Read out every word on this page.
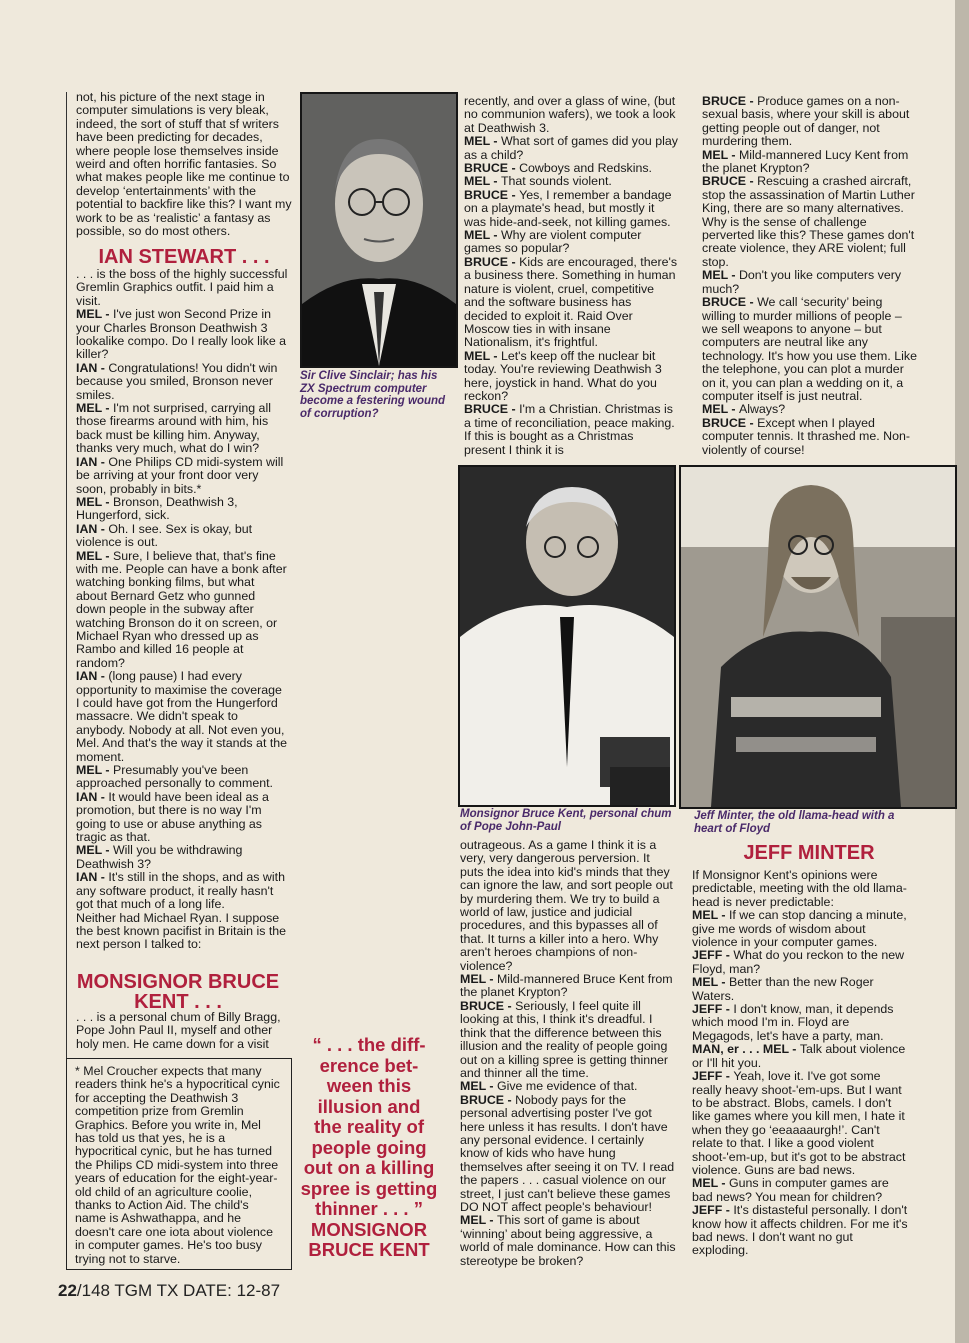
not, his picture of the next stage in computer simulations is very bleak, indeed, the sort of stuff that sf writers have been predicting for decades, where people lose themselves inside weird and often horrific fantasies. So what makes people like me continue to develop ‘entertainments’ with the potential to backfire like this? I want my work to be as ‘realistic’ a fantasy as possible, so do most others.

IAN STEWART . . .

. . . is the boss of the highly successful Gremlin Graphics outfit. I paid him a visit.

MEL - I've just won Second Prize in your Charles Bronson Deathwish 3 lookalike compo. Do I really look like a killer?

IAN - Congratulations! You didn't win because you smiled, Bronson never smiles.

MEL - I'm not surprised, carrying all those firearms around with him, his back must be killing him. Anyway, thanks very much, what do I win?

IAN - One Philips CD midi-system will be arriving at your front door very soon, probably in bits.*

MEL - Bronson, Deathwish 3, Hungerford, sick.

IAN - Oh. I see. Sex is okay, but violence is out.

MEL - Sure, I believe that, that's fine with me. People can have a bonk after watching bonking films, but what about Bernard Getz who gunned down people in the subway after watching Bronson do it on screen, or Michael Ryan who dressed up as Rambo and killed 16 people at random?

IAN - (long pause) I had every opportunity to maximise the coverage I could have got from the Hungerford massacre. We didn't speak to anybody. Nobody at all. Not even you, Mel. And that's the way it stands at the moment.

MEL - Presumably you've been approached personally to comment.

IAN - It would have been ideal as a promotion, but there is no way I'm going to use or abuse anything as tragic as that.

MEL - Will you be withdrawing Deathwish 3?

IAN - It's still in the shops, and as with any software product, it really hasn't got that much of a long life.

Neither had Michael Ryan. I suppose the best known pacifist in Britain is the next person I talked to:

MONSIGNOR BRUCE
KENT . . .

. . . is a personal chum of Billy Bragg, Pope John Paul II, myself and other holy men. He came down for a visit

* Mel Croucher expects that many readers think he's a hypocritical cynic for accepting the Deathwish 3 competition prize from Gremlin Graphics. Before you write in, Mel has told us that yes, he is a hypocritical cynic, but he has turned the Philips CD midi-system into three years of education for the eight-year-old child of an agriculture coolie, thanks to Action Aid. The child's name is Ashwathappa, and he doesn't care one iota about violence in computer games. He's too busy trying not to starve.
Sir Clive Sinclair; has his ZX Spectrum computer become a festering wound of corruption?
“ . . . the diff-
erence bet-
ween this
illusion and
the reality of
people going
out on a killing
spree is getting
thinner . . . ”
MONSIGNOR
BRUCE KENT

recently, and over a glass of wine, (but no communion wafers), we took a look at Deathwish 3.

MEL - What sort of games did you play as a child?

BRUCE - Cowboys and Redskins.

MEL - That sounds violent.

BRUCE - Yes, I remember a bandage on a playmate's head, but mostly it was hide-and-seek, not killing games.

MEL - Why are violent computer games so popular?

BRUCE - Kids are encouraged, there's a business there. Something in human nature is violent, cruel, competitive and the software business has decided to exploit it. Raid Over Moscow ties in with insane Nationalism, it's frightful.

MEL - Let's keep off the nuclear bit today. You're reviewing Deathwish 3 here, joystick in hand. What do you reckon?

BRUCE - I'm a Christian. Christmas is a time of reconciliation, peace making. If this is bought as a Christmas present I think it is

Monsignor Bruce Kent, personal chum of Pope John-Paul

outrageous. As a game I think it is a very, very dangerous perversion. It puts the idea into kid's minds that they can ignore the law, and sort people out by murdering them. We try to build a world of law, justice and judicial procedures, and this bypasses all of that. It turns a killer into a hero. Why aren't heroes champions of non-violence?

MEL - Mild-mannered Bruce Kent from the planet Krypton?

BRUCE - Seriously, I feel quite ill looking at this, I think it's dreadful. I think that the difference between this illusion and the reality of people going out on a killing spree is getting thinner and thinner all the time.

MEL - Give me evidence of that.

BRUCE - Nobody pays for the personal advertising poster I've got here unless it has results. I don't have any personal evidence. I certainly know of kids who have hung themselves after seeing it on TV. I read the papers . . . casual violence on our street, I just can't believe these games DO NOT affect people's behaviour!

MEL - This sort of game is about ‘winning’ about being aggressive, a world of male dominance. How can this stereotype be broken?

BRUCE - Produce games on a non-sexual basis, where your skill is about getting people out of danger, not murdering them.

MEL - Mild-mannered Lucy Kent from the planet Krypton?

BRUCE - Rescuing a crashed aircraft, stop the assassination of Martin Luther King, there are so many alternatives. Why is the sense of challenge perverted like this? These games don't create violence, they ARE violent; full stop.

MEL - Don't you like computers very much?

BRUCE - We call ‘security’ being willing to murder millions of people – we sell weapons to anyone – but computers are neutral like any technology. It's how you use them. Like the telephone, you can plot a murder on it, you can plan a wedding on it, a computer itself is just neutral.

MEL - Always?

BRUCE - Except when I played computer tennis. It thrashed me. Non-violently of course!

Jeff Minter, the old llama-head with a heart of Floyd
JEFF MINTER

If Monsignor Kent's opinions were predictable, meeting with the old llama-head is never predictable:

MEL - If we can stop dancing a minute, give me words of wisdom about violence in your computer games.

JEFF - What do you reckon to the new Floyd, man?

MEL - Better than the new Roger Waters.

JEFF - I don't know, man, it depends which mood I'm in. Floyd are Megagods, let's have a party, man.

MAN, er . . . MEL - Talk about violence or I'll hit you.

JEFF - Yeah, love it. I've got some really heavy shoot-'em-ups. But I want to be abstract. Blobs, camels. I don't like games where you kill men, I hate it when they go ‘eeaaaaurgh!’. Can't relate to that. I like a good violent shoot-'em-up, but it's got to be abstract violence. Guns are bad news.

MEL - Guns in computer games are bad news? You mean for children?

JEFF - It's distasteful personally. I don't know how it affects children. For me it's bad news. I don't want no gut exploding.

22/148 TGM TX DATE: 12-87
